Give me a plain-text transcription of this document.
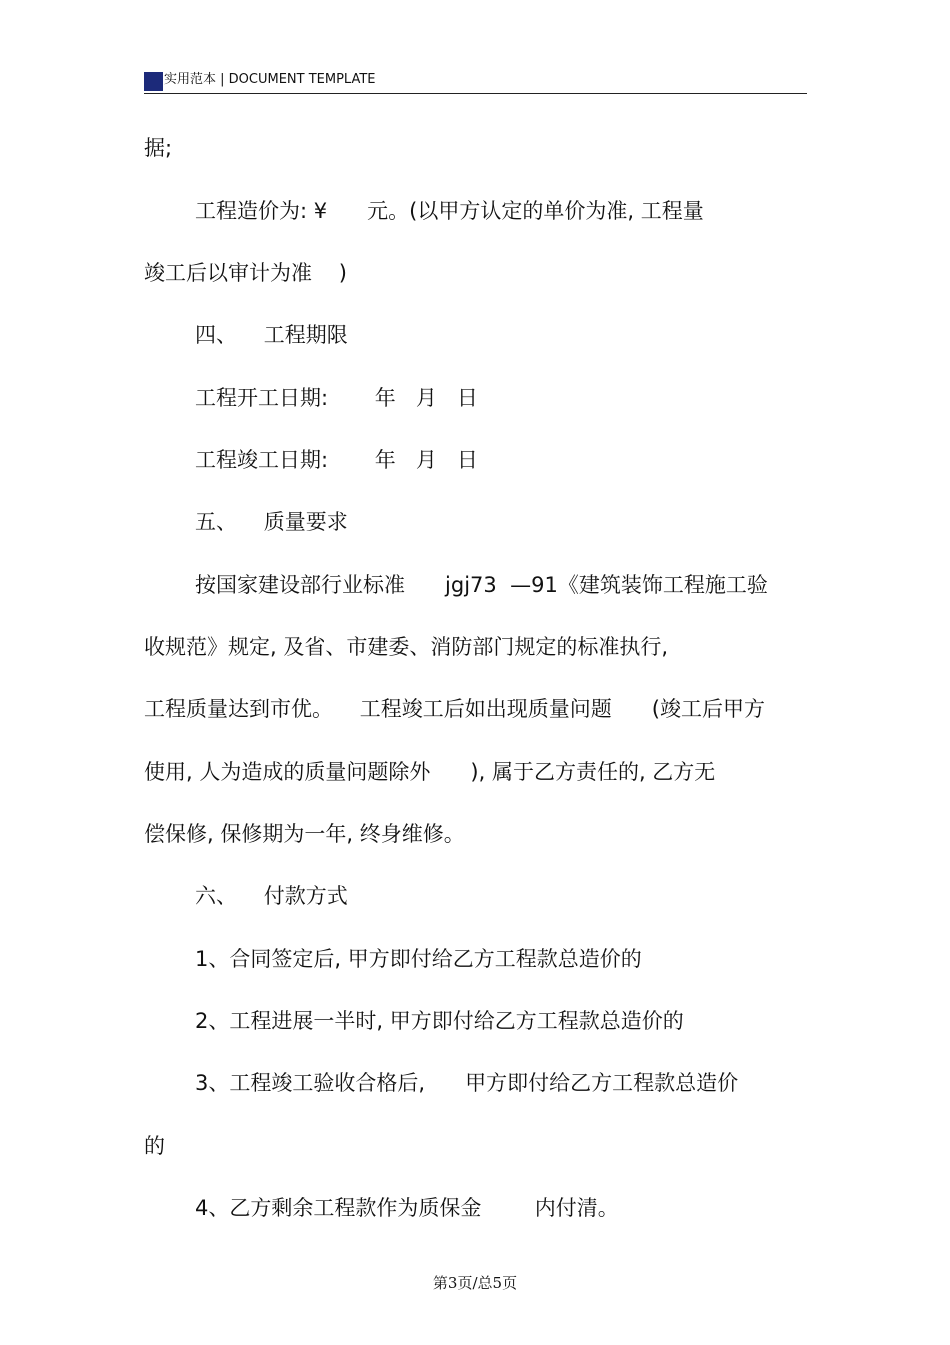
实用范本 | DOCUMENT TEMPLATE
据;
工程造价为: ¥      元。(以甲方认定的单价为准, 工程量
竣工后以审计为准    )
四、    工程期限
工程开工日期:       年   月   日
工程竣工日期:       年   月   日
五、    质量要求
按国家建设部行业标准      jgj73  —91《建筑装饰工程施工验
收规范》规定, 及省、市建委、消防部门规定的标准执行,
工程质量达到市优。    工程竣工后如出现质量问题      (竣工后甲方
使用, 人为造成的质量问题除外      ), 属于乙方责任的, 乙方无
偿保修, 保修期为一年, 终身维修。
六、    付款方式
1、合同签定后, 甲方即付给乙方工程款总造价的
2、工程进展一半时, 甲方即付给乙方工程款总造价的
3、工程竣工验收合格后,      甲方即付给乙方工程款总造价
的
4、乙方剩余工程款作为质保金        内付清。
第3页/总5页
